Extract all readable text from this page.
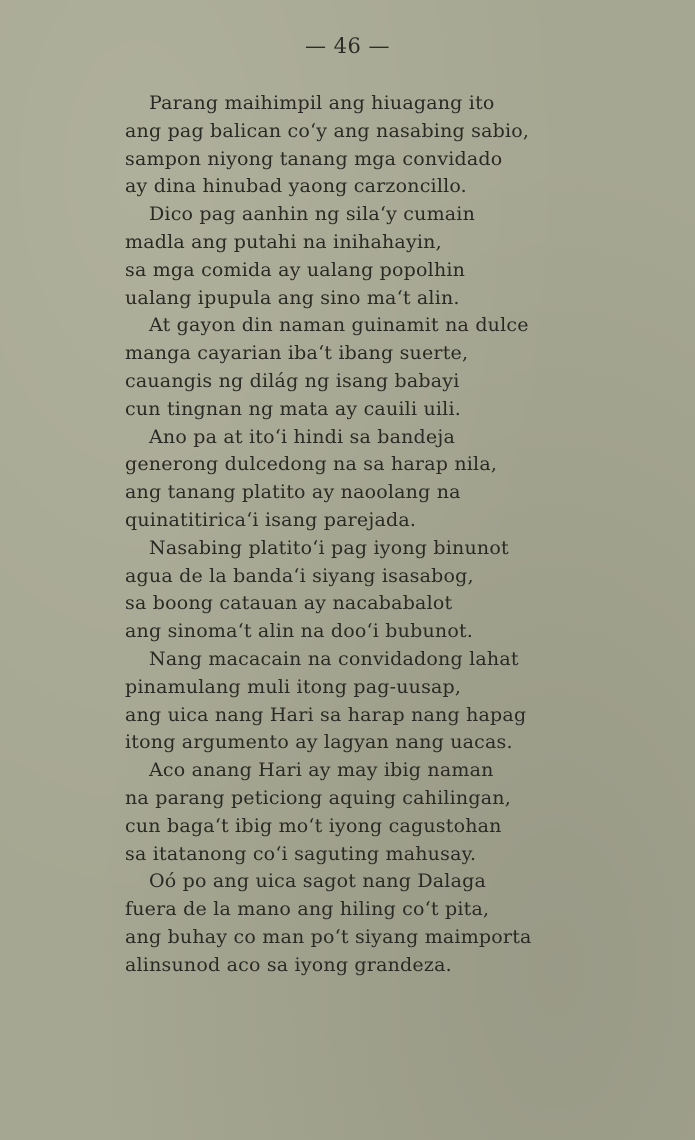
— 46 —
Parang maihimpil ang hiuagang ito
ang pag balican co‘y ang nasabing sabio,
sampon niyong tanang mga convidado
ay dina hinubad yaong carzoncillo.
Dico pag aanhin ng sila‘y cumain
madla ang putahi na inihahayin,
sa mga comida ay ualang popolhin
ualang ipupula ang sino ma‘t alin.
At gayon din naman guinamit na dulce
manga cayarian iba‘t ibang suerte,
cauangis ng dilág ng isang babayi
cun tingnan ng mata ay cauili uili.
Ano pa at ito‘i hindi sa bandeja
generong dulcedong na sa harap nila,
ang tanang platito ay naoolang na
quinatitirica‘i isang parejada.
Nasabing platito‘i pag iyong binunot
agua de la banda‘i siyang isasabog,
sa boong catauan ay nacababalot
ang sinoma‘t alin na doo‘i bubunot.
Nang macacain na convidadong lahat
pinamulang muli itong pag-uusap,
ang uica nang Hari sa harap nang hapag
itong argumento ay lagyan nang uacas.
Aco anang Hari ay may ibig naman
na parang peticiong aquing cahilingan,
cun baga‘t ibig mo‘t iyong cagustohan
sa itatanong co‘i saguting mahusay.
Oó po ang uica sagot nang Dalaga
fuera de la mano ang hiling co‘t pita,
ang buhay co man po‘t siyang maimporta
alinsunod aco sa iyong grandeza.
